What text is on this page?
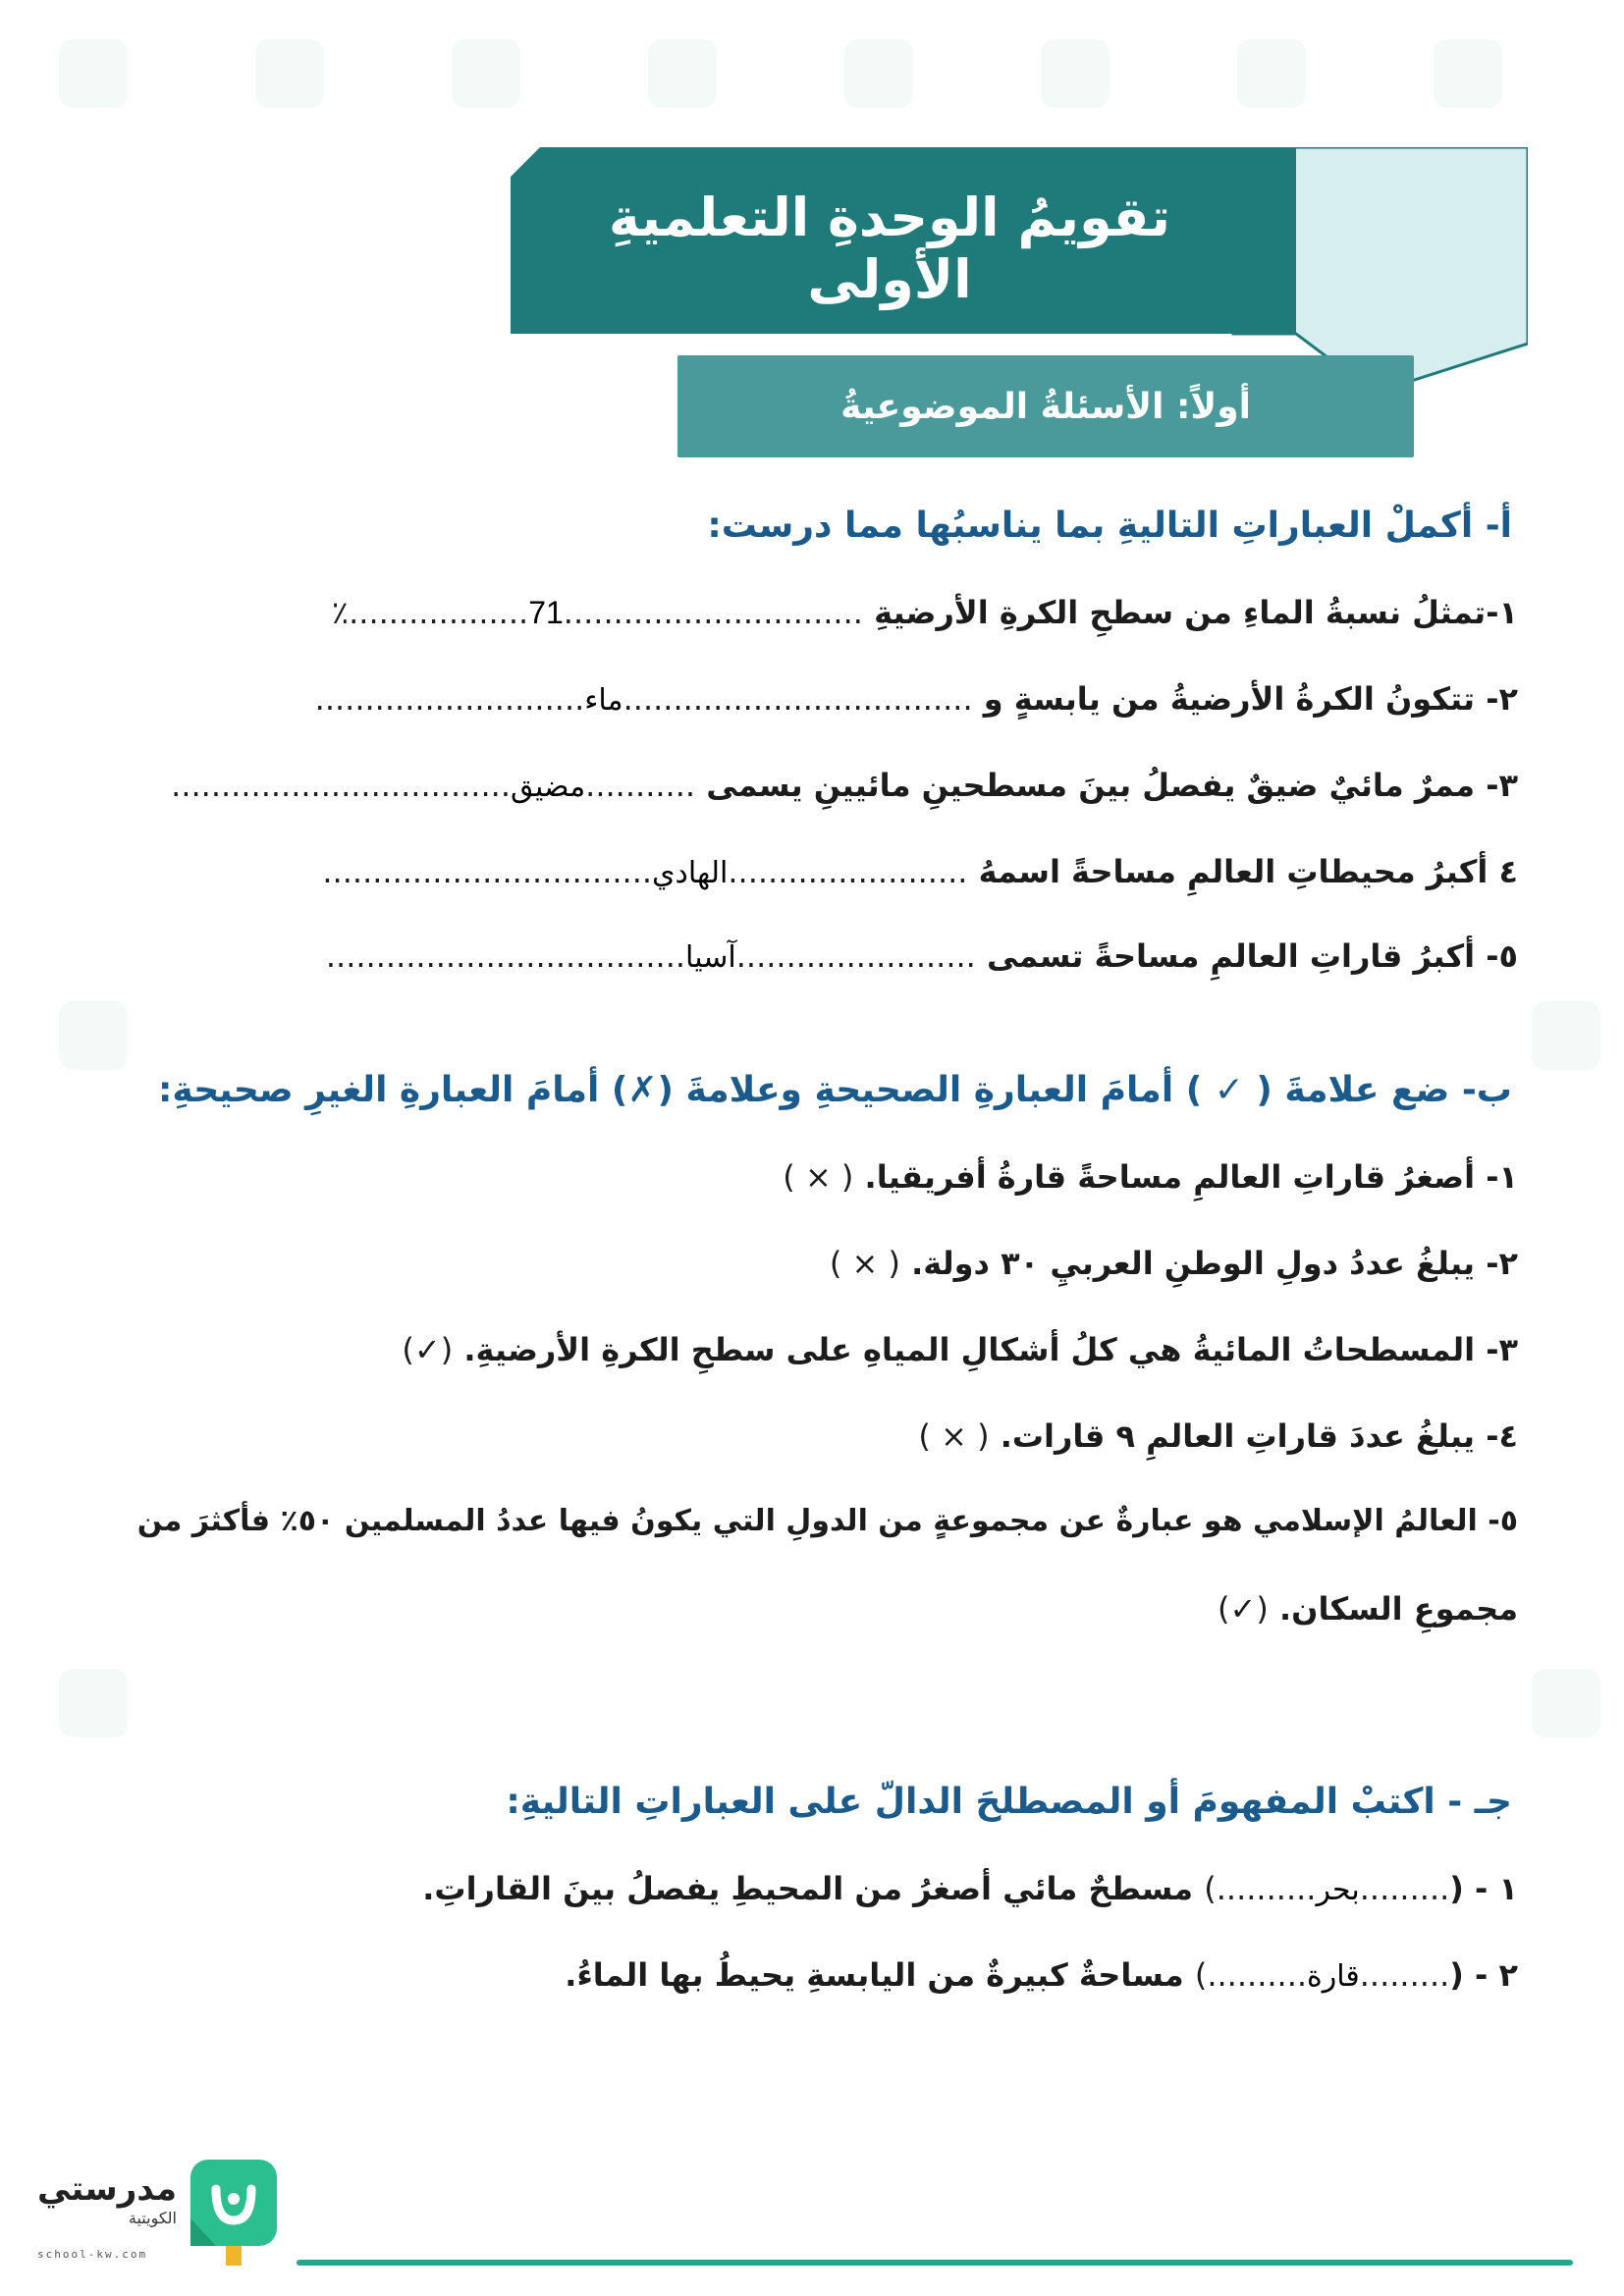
تقويمُ الوحدةِ التعلميةِ الأولى
أولاً: الأسئلةُ الموضوعيةُ
أ- أكملْ العباراتِ التاليةِ بما يناسبُها مما درست:
١-تمثلُ نسبةُ الماءِ من سطحِ الكرةِ الأرضيةِ ..............................71..................٪
٢- تتكونُ الكرةُ الأرضيةُ من يابسةٍ و ...................................ماء...........................
٣- ممرٌ مائيٌ ضيقٌ يفصلُ بينَ مسطحينِ مائيينِ يسمى ...........مضيق..................................
٤ أكبرُ محيطاتِ العالمِ مساحةً اسمهُ ........................الهادي.................................
٥- أكبرُ قاراتِ العالمِ مساحةً تسمى ........................آسيا....................................
ب- ضع علامةَ ( ✓ ) أمامَ العبارةِ الصحيحةِ وعلامةَ (✗) أمامَ العبارةِ الغيرِ صحيحةِ:
١- أصغرُ قاراتِ العالمِ مساحةً قارةُ أفريقيا. ( × )
٢- يبلغُ عددُ دولِ الوطنِ العربيِ ٣٠ دولة. ( × )
٣- المسطحاتُ المائيةُ هي كلُ أشكالِ المياهِ على سطحِ الكرةِ الأرضيةِ. (✓)
٤- يبلغُ عددَ قاراتِ العالمِ ٩ قارات. ( × )
٥- العالمُ الإسلامي هو عبارةٌ عن مجموعةٍ من الدولِ التي يكونُ فيها عددُ المسلمين ٥٠٪ فأكثرَ من
مجموعِ السكان. (✓)
جـ - اكتبْ المفهومَ أو المصطلحَ الدالّ على العباراتِ التاليةِ:
١ - (.........بحر..........) مسطحٌ مائي أصغرُ من المحيطِ يفصلُ بينَ القاراتِ.
٢ - (.........قارة..........) مساحةٌ كبيرةٌ من اليابسةِ يحيطُ بها الماءُ.
مدرستي
الكويتية
school-kw.com
